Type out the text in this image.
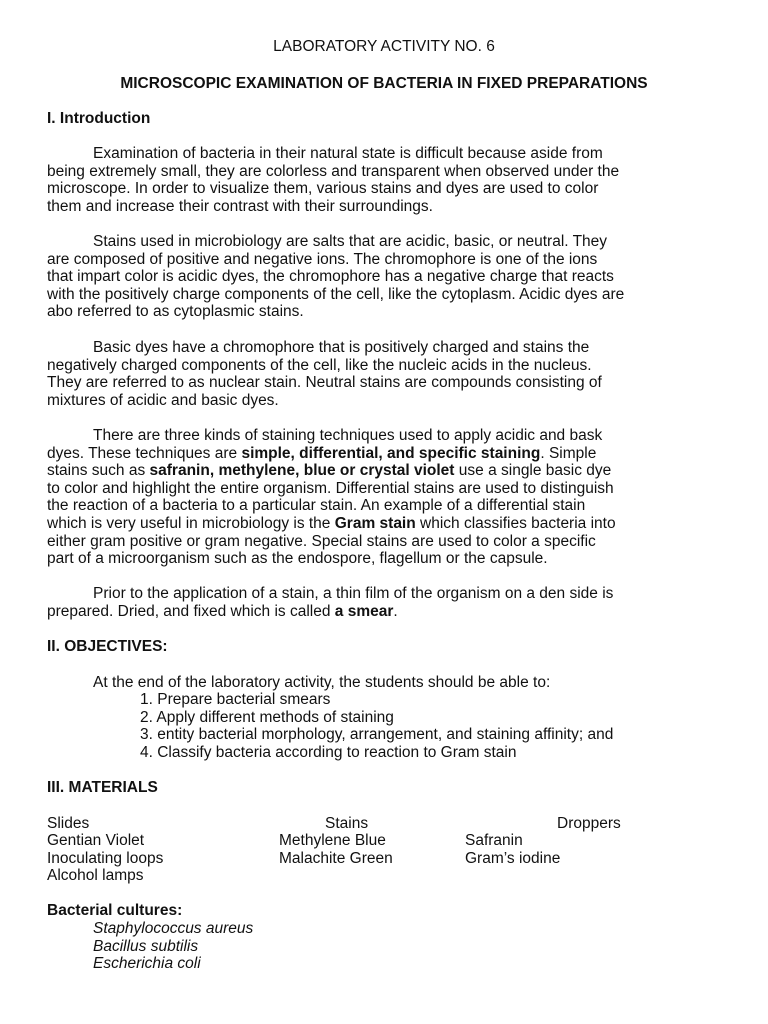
LABORATORY ACTIVITY NO. 6
MICROSCOPIC EXAMINATION OF BACTERIA IN FIXED PREPARATIONS
I. Introduction
Examination of bacteria in their natural state is difficult because aside from
being extremely small, they are colorless and transparent when observed under the
microscope. In order to visualize them, various stains and dyes are used to color
them and increase their contrast with their surroundings.
Stains used in microbiology are salts that are acidic, basic, or neutral. They
are composed of positive and negative ions. The chromophore is one of the ions
that impart color is acidic dyes, the chromophore has a negative charge that reacts
with the positively charge components of the cell, like the cytoplasm. Acidic dyes are
abo referred to as cytoplasmic stains.
Basic dyes have a chromophore that is positively charged and stains the
negatively charged components of the cell, like the nucleic acids in the nucleus.
They are referred to as nuclear stain. Neutral stains are compounds consisting of
mixtures of acidic and basic dyes.
There are three kinds of staining techniques used to apply acidic and bask
dyes. These techniques are simple, differential, and specific staining. Simple
stains such as safranin, methylene, blue or crystal violet use a single basic dye
to color and highlight the entire organism. Differential stains are used to distinguish
the reaction of a bacteria to a particular stain. An example of a differential stain
which is very useful in microbiology is the Gram stain which classifies bacteria into
either gram positive or gram negative. Special stains are used to color a specific
part of a microorganism such as the endospore, flagellum or the capsule.
Prior to the application of a stain, a thin film of the organism on a den side is
prepared. Dried, and fixed which is called a smear.
II. OBJECTIVES:
At the end of the laboratory activity, the students should be able to:
1. Prepare bacterial smears
2. Apply different methods of staining
3. entity bacterial morphology, arrangement, and staining affinity; and
4. Classify bacteria according to reaction to Gram stain
III. MATERIALS
Slides	Stains	Droppers
Gentian Violet	Methylene Blue	Safranin
Inoculating loops	Malachite Green	Gram’s iodine
Alcohol lamps
Bacterial cultures:
Staphylococcus aureus
Bacillus subtilis
Escherichia coli
